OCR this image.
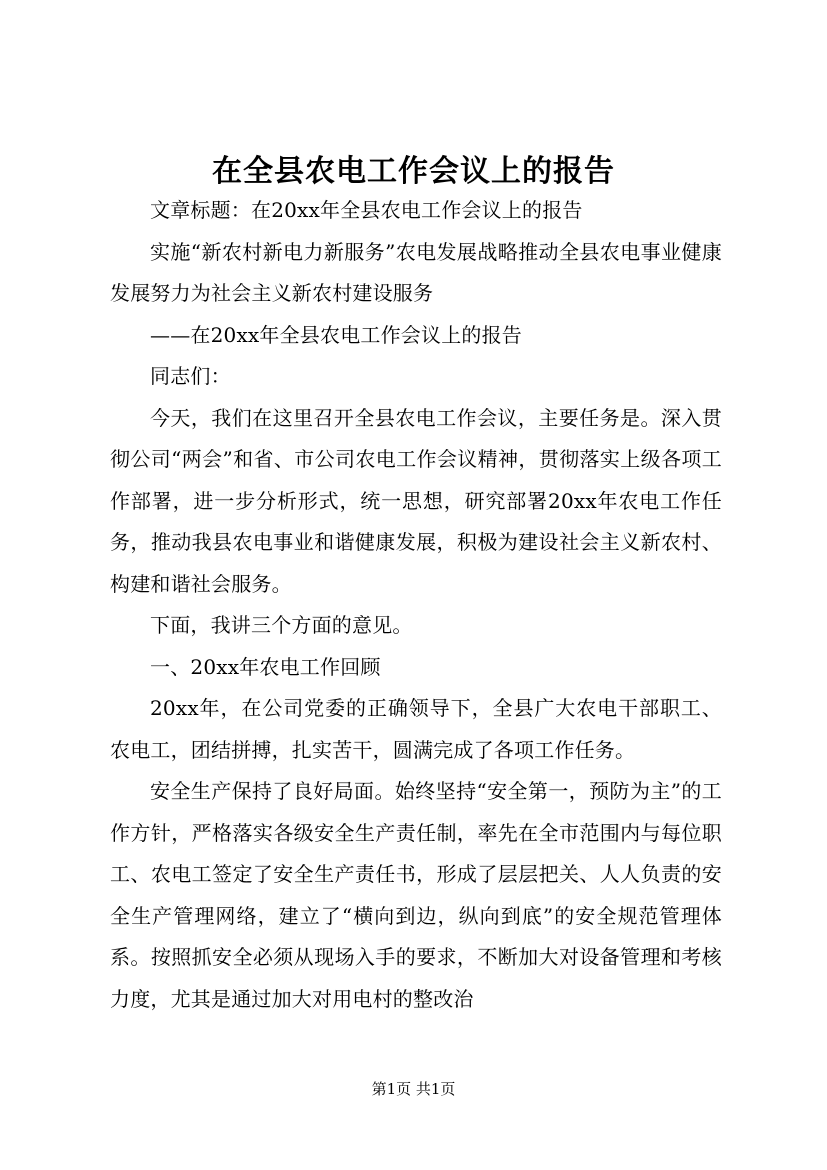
在全县农电工作会议上的报告

文章标题：在20xx年全县农电工作会议上的报告

实施“新农村新电力新服务”农电发展战略推动全县农电事业健康发展努力为社会主义新农村建设服务

——在20xx年全县农电工作会议上的报告

同志们：

今天，我们在这里召开全县农电工作会议，主要任务是。深入贯彻公司“两会”和省、市公司农电工作会议精神，贯彻落实上级各项工作部署，进一步分析形式，统一思想，研究部署20xx年农电工作任务，推动我县农电事业和谐健康发展，积极为建设社会主义新农村、构建和谐社会服务。

下面，我讲三个方面的意见。

一、20xx年农电工作回顾

20xx年，在公司党委的正确领导下，全县广大农电干部职工、农电工，团结拼搏，扎实苦干，圆满完成了各项工作任务。

安全生产保持了良好局面。始终坚持“安全第一，预防为主”的工作方针，严格落实各级安全生产责任制，率先在全市范围内与每位职工、农电工签定了安全生产责任书，形成了层层把关、人人负责的安全生产管理网络，建立了“横向到边，纵向到底”的安全规范管理体系。按照抓安全必须从现场入手的要求，不断加大对设备管理和考核力度，尤其是通过加大对用电村的整改治

第1页 共1页
